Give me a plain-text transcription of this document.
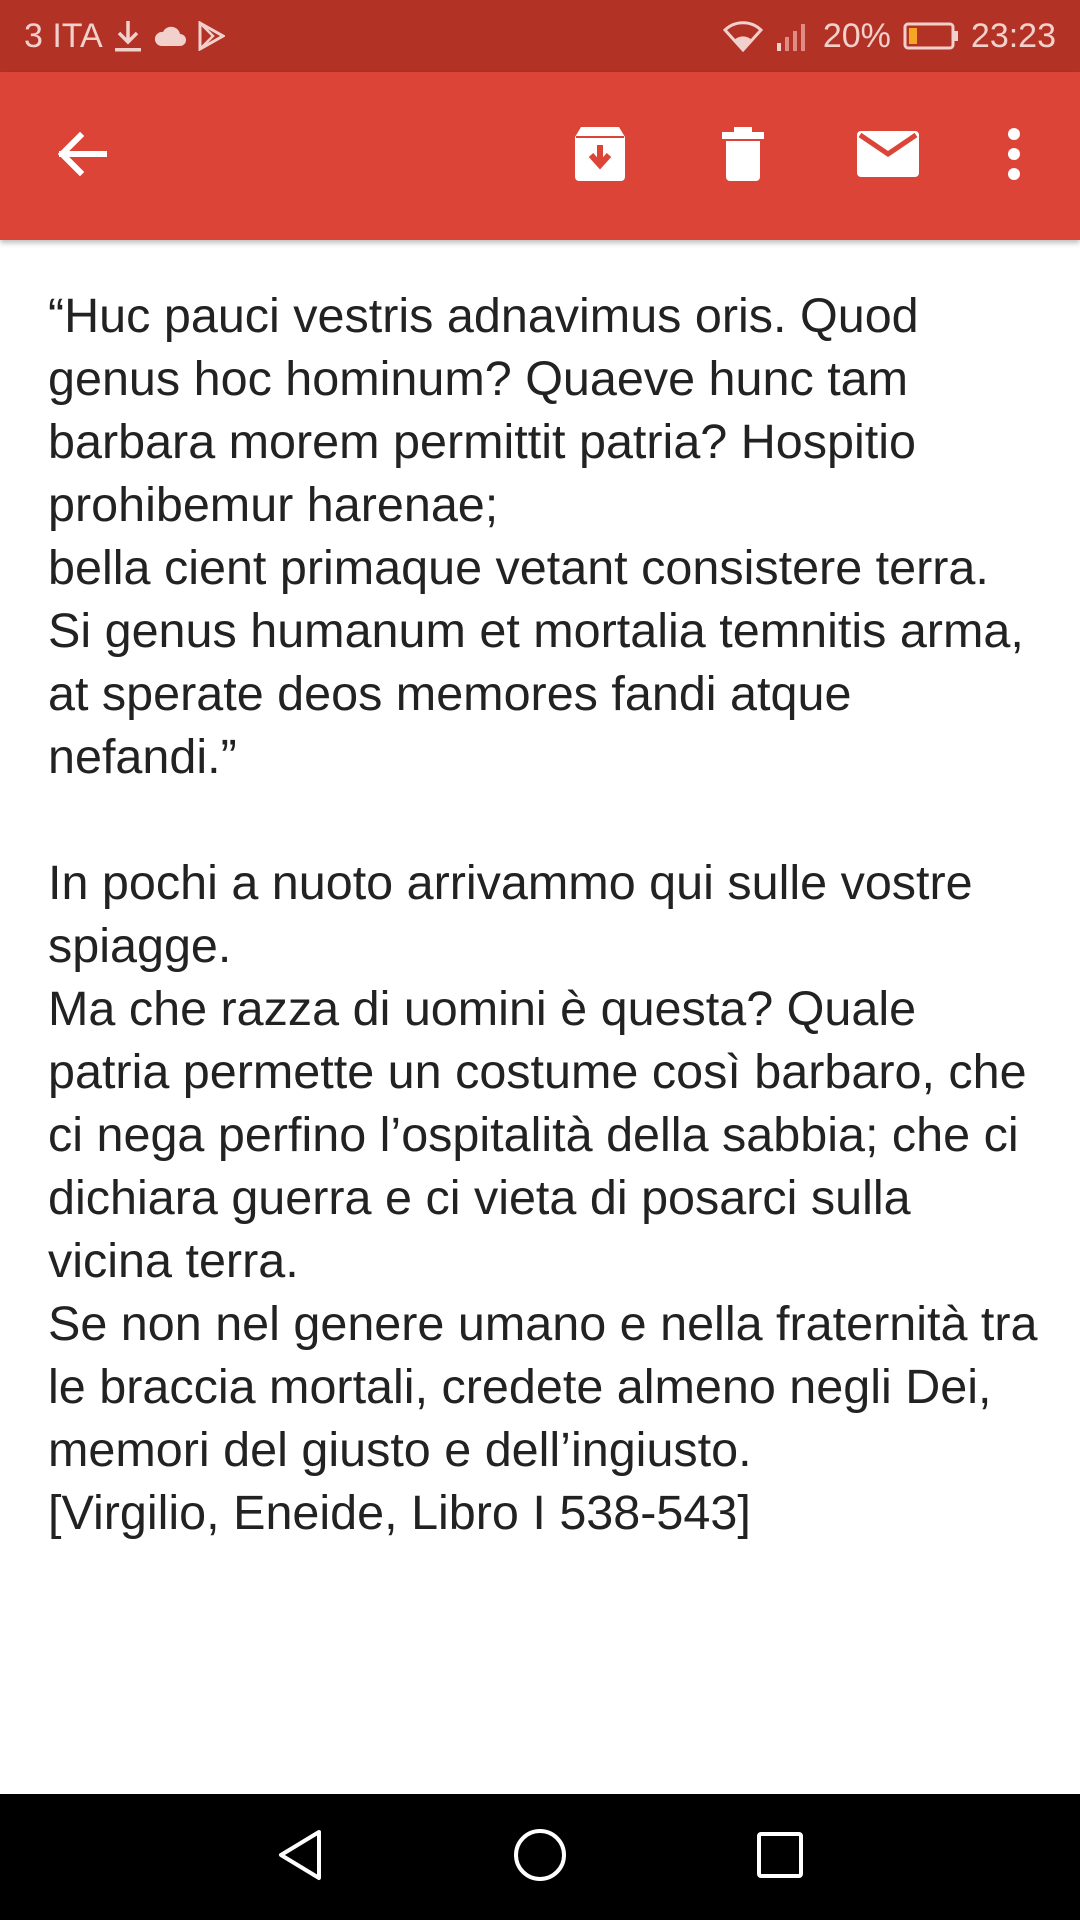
3 ITA	20% 23:23

“Huc pauci vestris adnavimus oris. Quod genus hoc hominum? Quaeve hunc tam barbara morem permittit patria? Hospitio prohibemur harenae;

bella cient primaque vetant consistere terra.

Si genus humanum et mortalia temnitis arma,

at sperate deos memores fandi atque nefandi.”

In pochi a nuoto arrivammo qui sulle vostre spiagge.

Ma che razza di uomini è questa? Quale patria permette un costume così barbaro, che ci nega perfino l’ospitalità della sabbia; che ci dichiara guerra e ci vieta di posarci sulla vicina terra.

Se non nel genere umano e nella fraternità tra le braccia mortali, credete almeno negli Dei, memori del giusto e dell’ingiusto.

[Virgilio, Eneide, Libro I 538-543]
